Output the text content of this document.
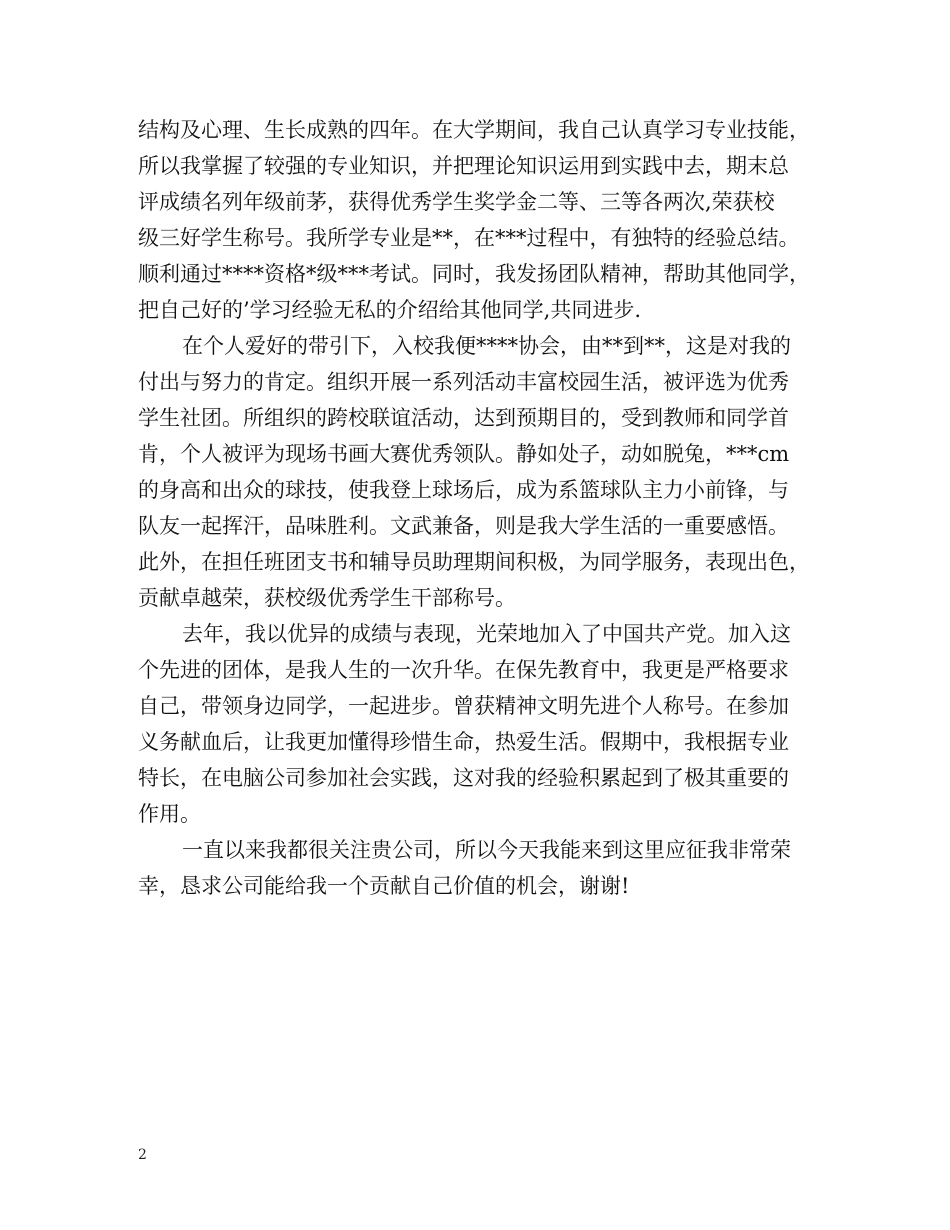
结构及心理、生长成熟的四年。在大学期间，我自己认真学习专业技能，
所以我掌握了较强的专业知识，并把理论知识运用到实践中去，期末总
评成绩名列年级前茅，获得优秀学生奖学金二等、三等各两次,荣获校
级三好学生称号。我所学专业是**，在***过程中，有独特的经验总结。
顺利通过****资格*级***考试。同时，我发扬团队精神，帮助其他同学，
把自己好的’学习经验无私的介绍给其他同学,共同进步.
在个人爱好的带引下，入校我便****协会，由**到**，这是对我的
付出与努力的肯定。组织开展一系列活动丰富校园生活，被评选为优秀
学生社团。所组织的跨校联谊活动，达到预期目的，受到教师和同学首
肯，个人被评为现场书画大赛优秀领队。静如处子，动如脱兔，***cm
的身高和出众的球技，使我登上球场后，成为系篮球队主力小前锋，与
队友一起挥汗，品味胜利。文武兼备，则是我大学生活的一重要感悟。
此外，在担任班团支书和辅导员助理期间积极，为同学服务，表现出色，
贡献卓越荣，获校级优秀学生干部称号。
去年，我以优异的成绩与表现，光荣地加入了中国共产党。加入这
个先进的团体，是我人生的一次升华。在保先教育中，我更是严格要求
自己，带领身边同学，一起进步。曾获精神文明先进个人称号。在参加
义务献血后，让我更加懂得珍惜生命，热爱生活。假期中，我根据专业
特长，在电脑公司参加社会实践，这对我的经验积累起到了极其重要的
作用。
一直以来我都很关注贵公司，所以今天我能来到这里应征我非常荣
幸，恳求公司能给我一个贡献自己价值的机会，谢谢!
2
